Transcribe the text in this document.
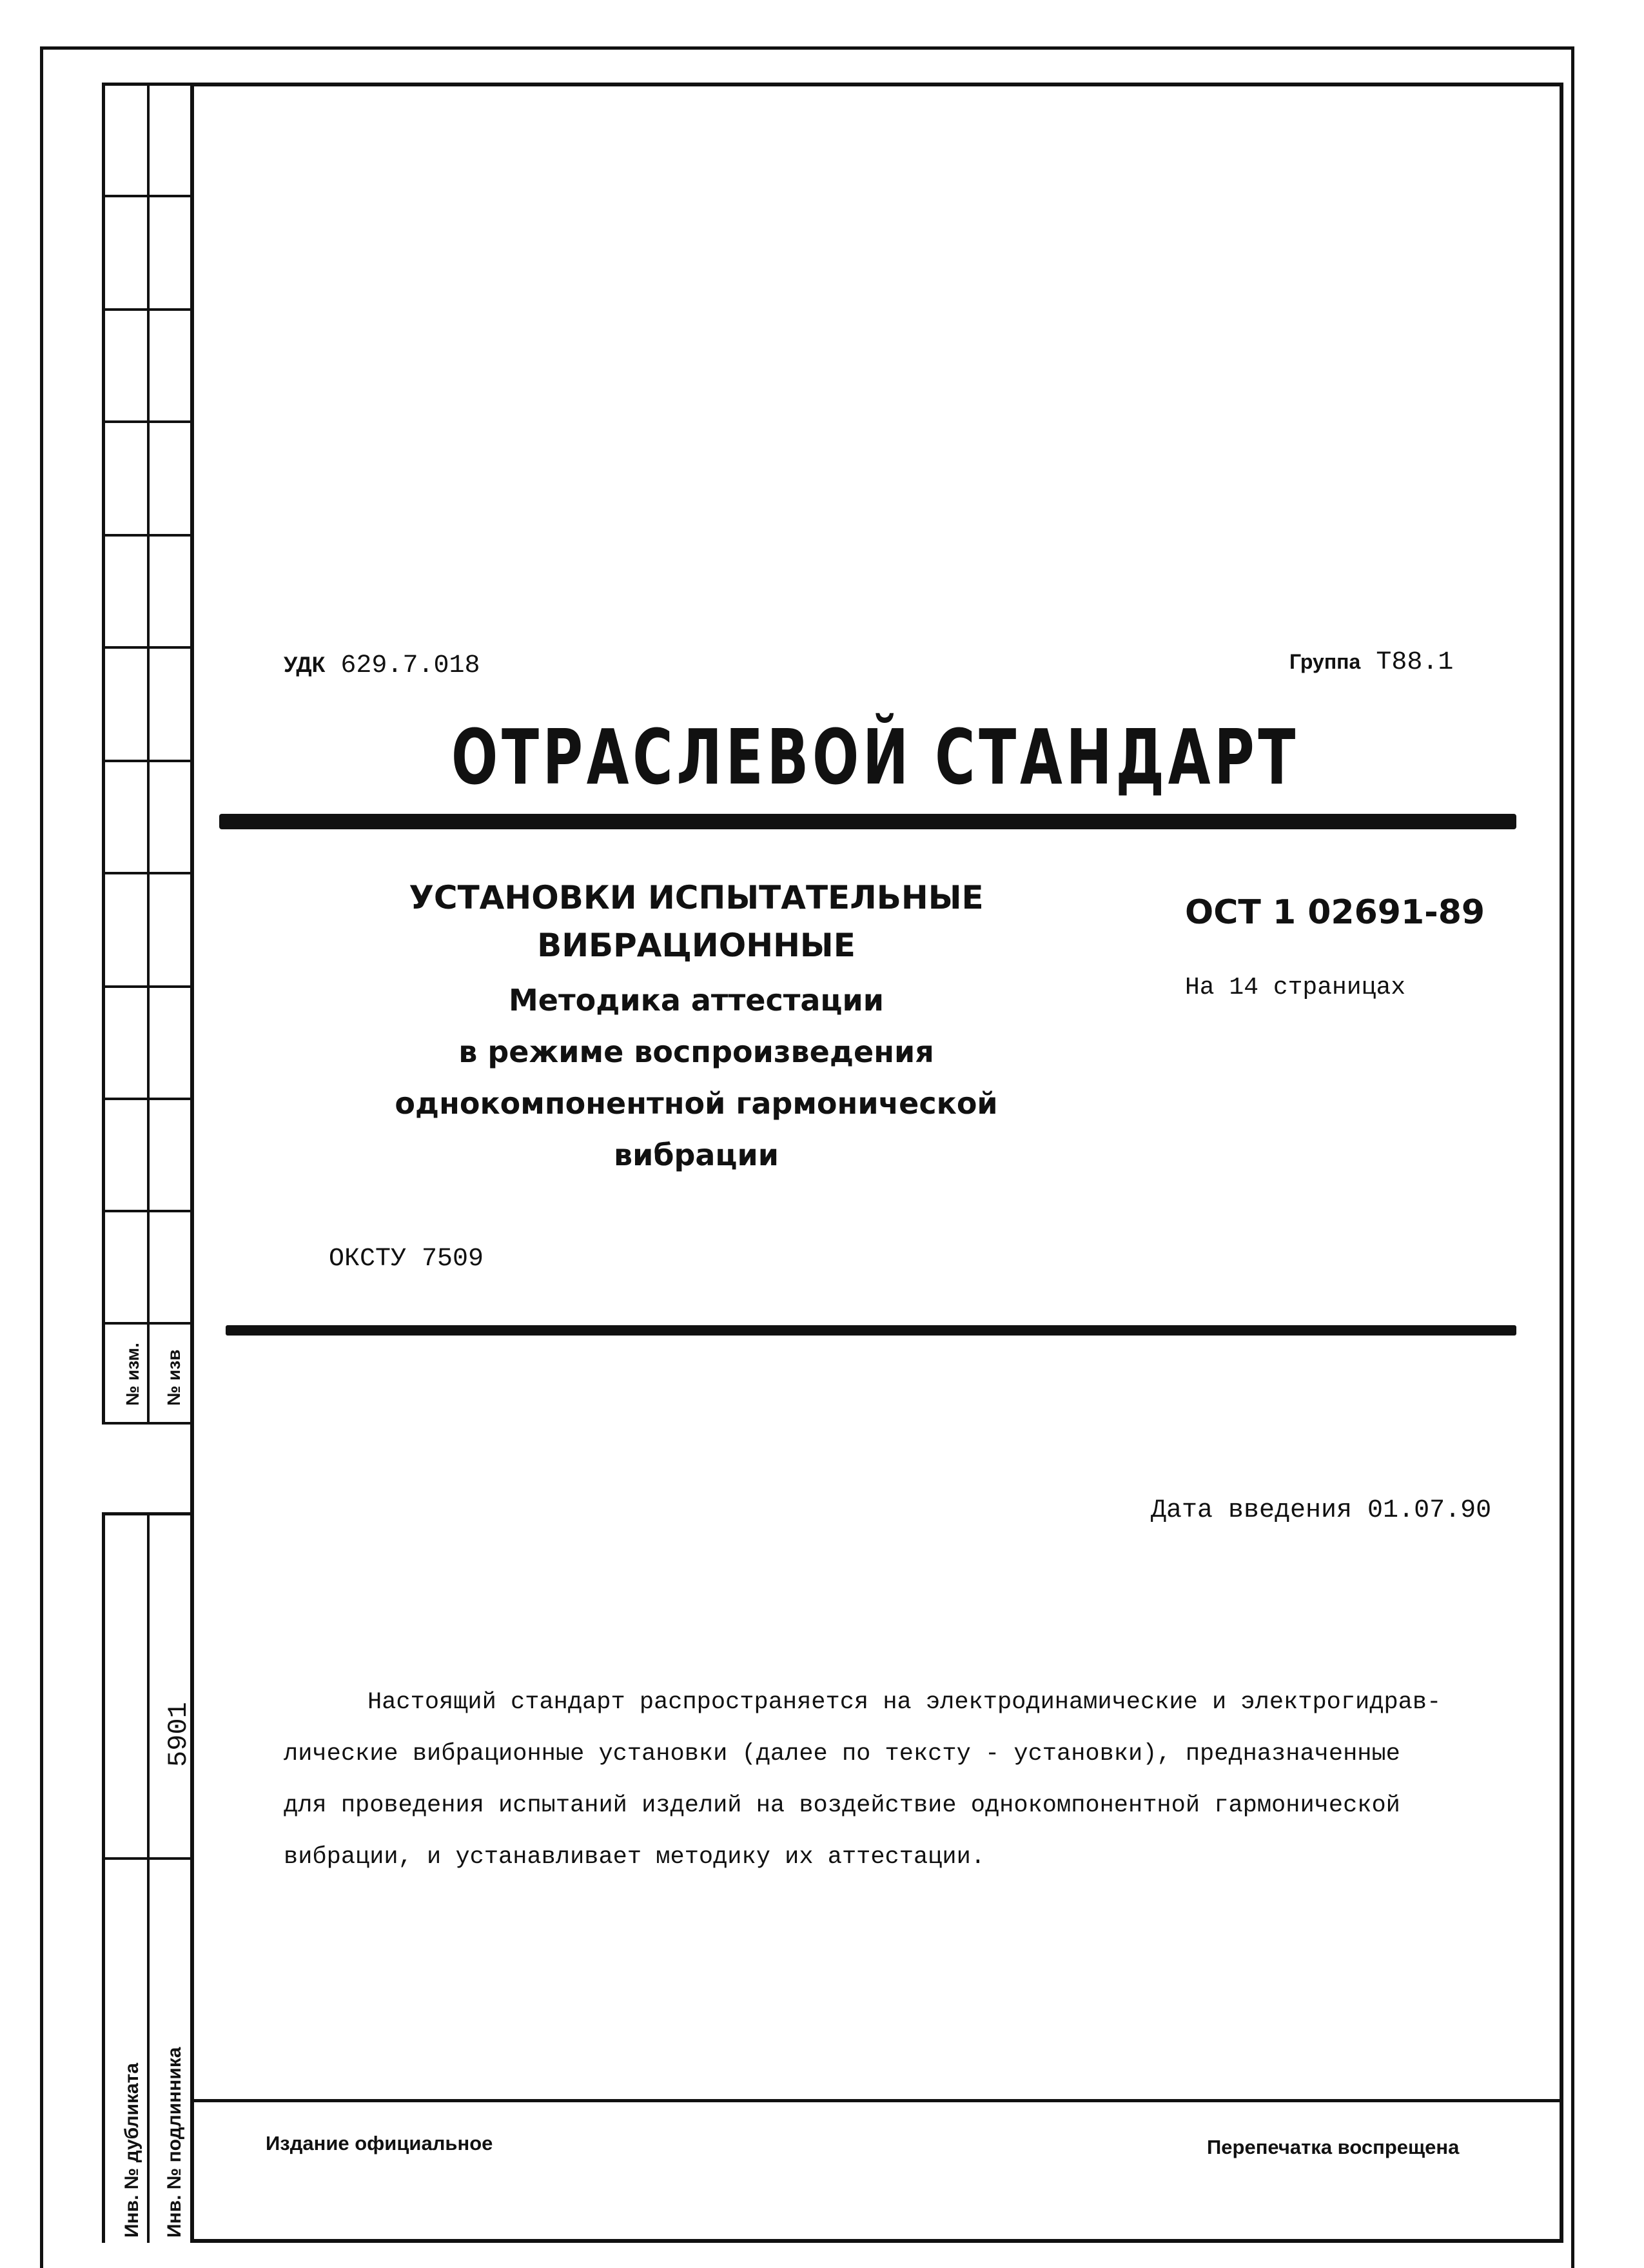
№ изм. № изв
5901
Инв. № дубликата Инв. № подлинника
УДК 629.7.018	Группа Т88.1
ОТРАСЛЕВОЙ СТАНДАРТ
УСТАНОВКИ ИСПЫТАТЕЛЬНЫЕ
ВИБРАЦИОННЫЕ
Методика аттестации
в режиме воспроизведения
однокомпонентной гармонической
вибрации
ОСТ 1 02691-89
На 14 страницах
ОКСТУ 7509
Дата введения 01.07.90
Настоящий стандарт распространяется на электродинамические и электрогидрав-
лические вибрационные установки (далее по тексту - установки), предназначенные
для проведения испытаний изделий на воздействие однокомпонентной гармонической
вибрации, и устанавливает методику их аттестации.
Издание официальное	Перепечатка воспрещена
